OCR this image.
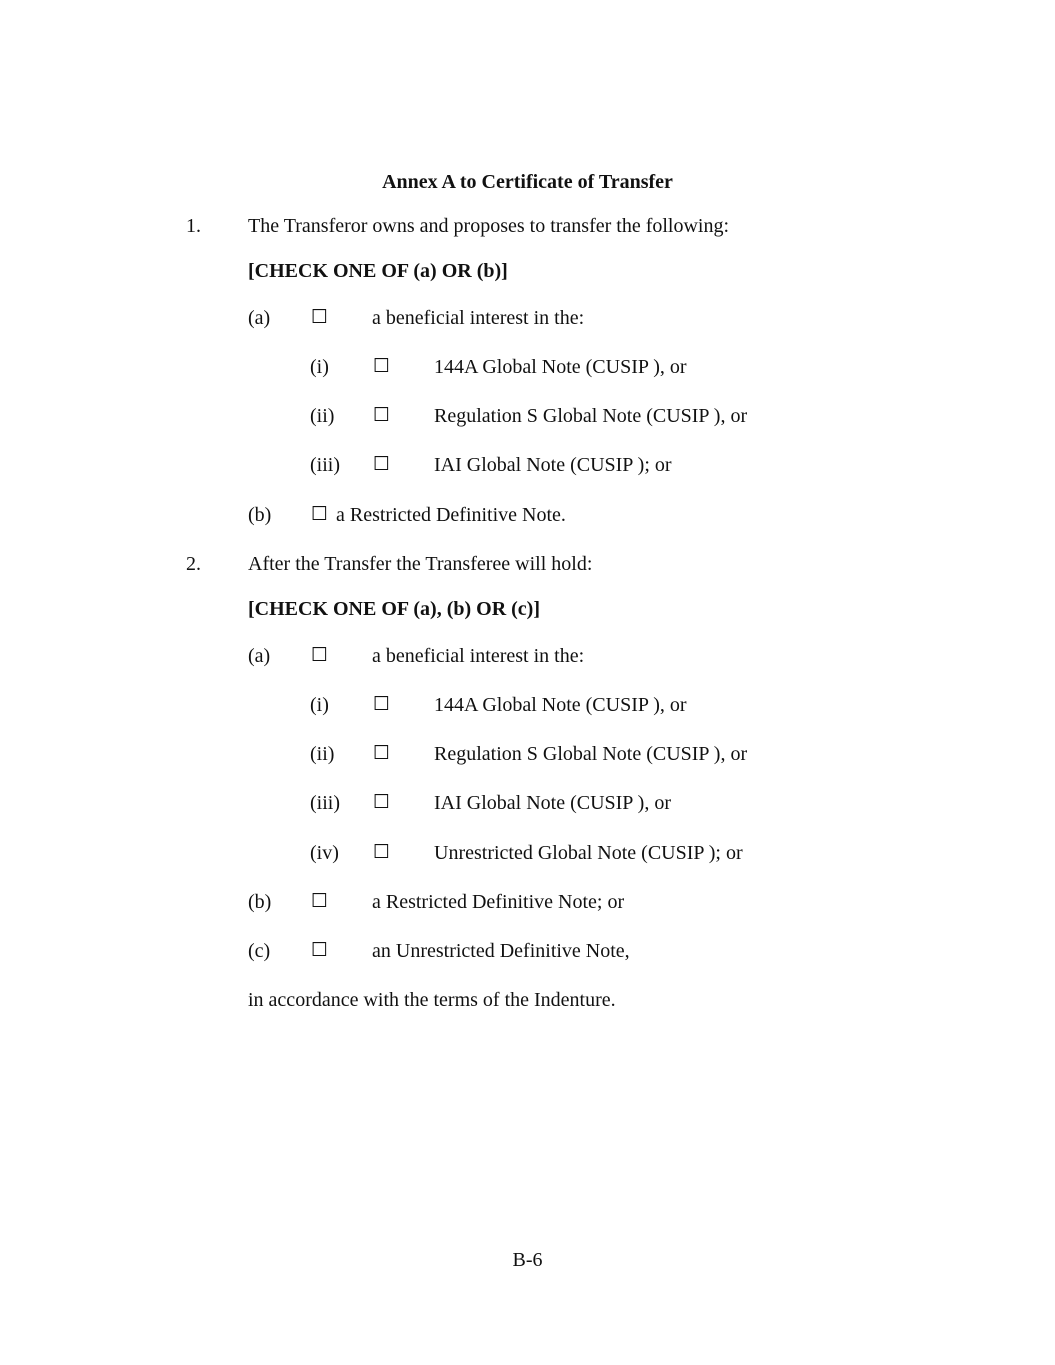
Annex A to Certificate of Transfer
1. The Transferor owns and proposes to transfer the following:
[CHECK ONE OF (a) OR (b)]
(a) ☐ a beneficial interest in the:
(i) ☐ 144A Global Note (CUSIP ), or
(ii) ☐ Regulation S Global Note (CUSIP ), or
(iii) ☐ IAI Global Note (CUSIP ); or
(b) ☐ a Restricted Definitive Note.
2. After the Transfer the Transferee will hold:
[CHECK ONE OF (a), (b) OR (c)]
(a) ☐ a beneficial interest in the:
(i) ☐ 144A Global Note (CUSIP ), or
(ii) ☐ Regulation S Global Note (CUSIP ), or
(iii) ☐ IAI Global Note (CUSIP ), or
(iv) ☐ Unrestricted Global Note (CUSIP ); or
(b) ☐ a Restricted Definitive Note; or
(c) ☐ an Unrestricted Definitive Note,
in accordance with the terms of the Indenture.
B-6
